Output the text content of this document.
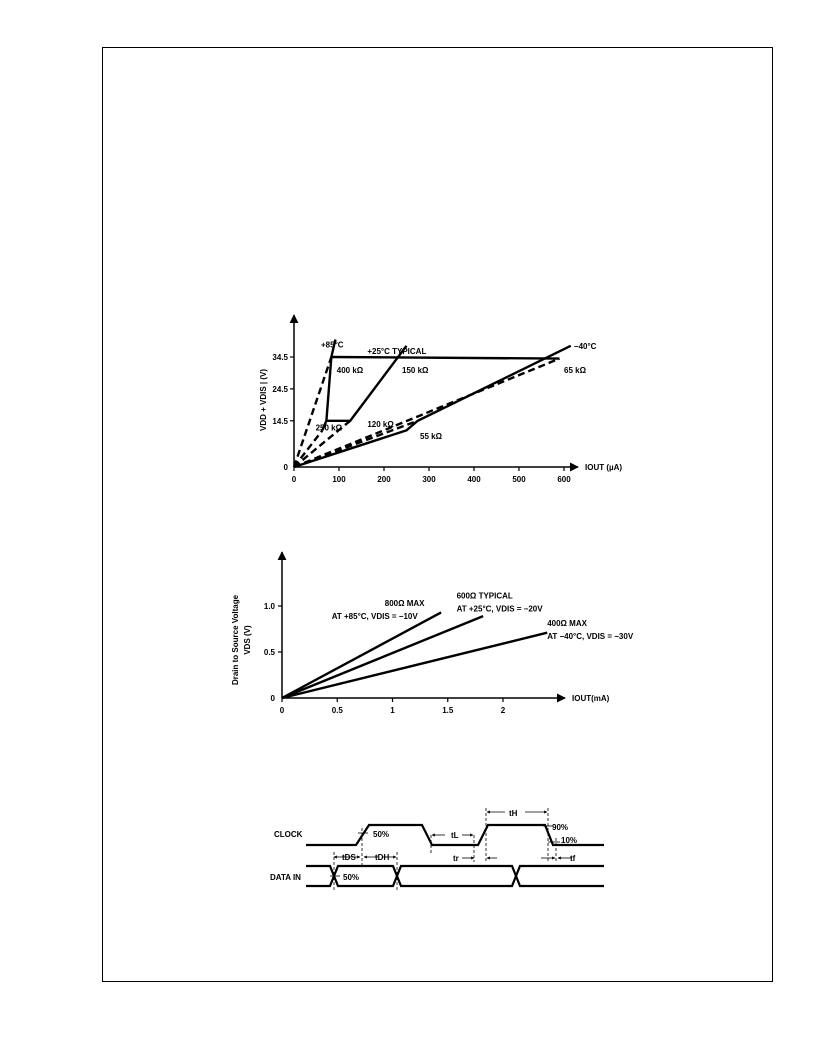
0	100	200	300	400	500	600
0
14.5
24.5
34.5
+85°C
+25°C TYPICAL
−40°C
400 kΩ	150 kΩ	65 kΩ
250 kΩ	120 kΩ
55 kΩ
IOUT (µA)
VDD + VDIS | (V)
0	0.5	1	1.5	2
0
0.5
1.0	800Ω MAX
AT +85°C, VDIS = −10V
600Ω TYPICAL
AT +25°C, VDIS = −20V
400Ω MAX
AT −40°C, VDIS = −30V
IOUT(mA)
Drain to Source Voltage VDS (V)
CLOCK
DATA IN
50%
50%
90%
10%
tL
tH
tr	tf
tDS tDH
